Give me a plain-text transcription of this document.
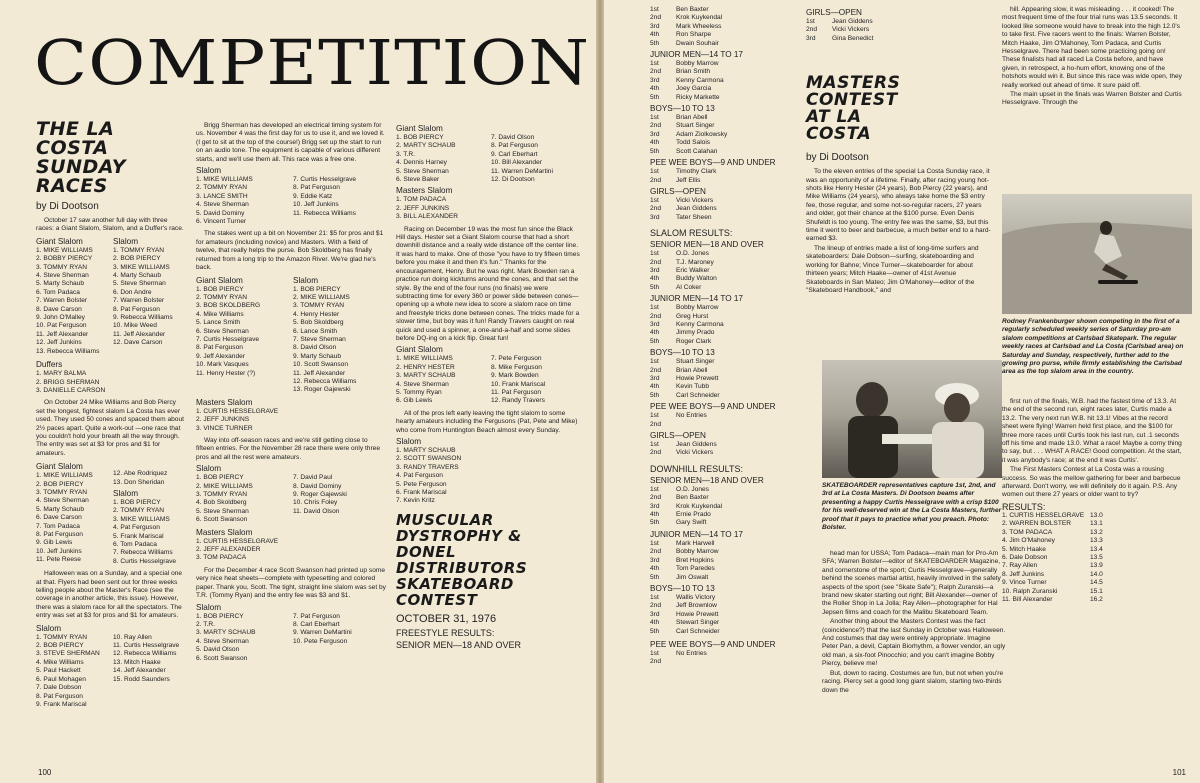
COMPETITION
THE LA COSTA SUNDAY RACES
by Di Dootson
October 17 saw another full day with three races: a Giant Slalom, Slalom, and a Duffer's race.
Giant Slalom
1. MIKE WILLIAMS
2. BOBBY PIERCY
3. TOMMY RYAN
4. Steve Sherman
5. Marty Schaub
6. Tom Padaca
7. Warren Bolster
8. Dave Carson
9. John O'Malley
10. Pat Ferguson
11. Jeff Alexander
12. Jeff Junkins
13. Rebecca Williams
Slalom
1. TOMMY RYAN
2. BOB PIERCY
3. MIKE WILLIAMS
4. Marty Schaub
5. Steve Sherman
6. Don Andre
7. Warren Bolster
8. Pat Ferguson
9. Rebecca Williams
10. Mike Weed
11. Jeff Alexander
12. Dave Carson
Duffers
1. MARY BALMA
2. BRIGG SHERMAN
3. DANIELLE CARSON
On October 24 Mike Williams and Bob Piercy set the longest, fightest slalom La Costa has ever used. They used 50 cones and spaced them about 2½ paces apart. Quite a work-out —one race that you couldn't hold your breath all the way through. The entry was set at $3 for pros and $1 for amateurs.
Giant Slalom
1. MIKE WILLIAMS
2. BOB PIERCY
3. TOMMY RYAN
4. Steve Sherman
5. Marty Schaub
6. Dave Carson
7. Tom Padaca
8. Pat Ferguson
9. Gib Lewis
10. Jeff Junkins
11. Pete Reese
12. Abe Rodriquez
13. Don Sheridan
Slalom
1. BOB PIERCY
2. TOMMY RYAN
3. MIKE WILLIAMS
4. Pat Ferguson
5. Frank Mariscal
6. Tom Padaca
7. Rebecca Williams
8. Curtis Hesselgrave
Halloween was on a Sunday, and a special one at that. Flyers had been sent out for three weeks telling people about the Master's Race (see the coverage in another article, this issue). However, there was a slalom race for all the spectators. The entry was set at $3 for pros and $1 for amateurs.
Slalom
1. TOMMY RYAN
2. BOB PIERCY
3. STEVE SHERMAN
4. Mike Williams
5. Paul Hackett
6. Paul Mohagen
7. Dale Dobson
8. Pat Ferguson
9. Frank Mariscal
10. Ray Allen
11. Curtis Hesselgrave
12. Rebecca Williams
13. Mitch Haake
14. Jeff Alexander
15. Rodd Saunders
Brigg Sherman has developed an electrical timing system for us. November 4 was the first day for us to use it, and we loved it. (I get to sit at the top of the course!) Brigg set up the start to run on an audio tone. The equipment is capable of various different starts, and we'll use them all. This race was a free one.
Slalom
1. MIKE WILLIAMS
2. TOMMY RYAN
3. LANCE SMITH
4. Steve Sherman
5. David Dominy
6. Vincent Turner
7. Curtis Hesselgrave
8. Pat Ferguson
9. Eddie Katz
10. Jeff Junkins
11. Rebecca Williams
The stakes went up a bit on November 21: $5 for pros and $1 for amateurs (including novice) and Masters. With a field of twelve, that really helps the purse. Bob Skoldberg has finally returned from a long trip to the Amazon River. We're glad he's back.
Giant Slalom
1. BOB PIERCY
2. TOMMY RYAN
3. BOB SKOLDBERG
4. Mike Williams
5. Lance Smith
6. Steve Sherman
7. Curtis Hesselgrave
8. Pat Ferguson
9. Jeff Alexander
10. Mark Vasques
11. Henry Hester (?)
Slalom
1. BOB PIERCY
2. MIKE WILLIAMS
3. TOMMY RYAN
4. Henry Hester
5. Bob Skoldberg
6. Lance Smith
7. Steve Sherman
8. David Olson
9. Marty Schaub
10. Scott Swanson
11. Jeff Alexander
12. Rebecca Williams
13. Roger Gajewski
Masters Slalom
1. CURTIS HESSELGRAVE
2. JEFF JUNKINS
3. VINCE TURNER
Way into off-season races and we're still getting close to fifteen entries. For the November 28 race there were only three pros and all the rest were amateurs.
Slalom
1. BOB PIERCY
2. MIKE WILLIAMS
3. TOMMY RYAN
4. Bob Skoldberg
5. Steve Sherman
6. Scott Swanson
7. David Paul
8. David Dominy
9. Roger Gajewski
10. Chris Foley
11. David Olson
Masters Slalom
1. CURTIS HESSELGRAVE
2. JEFF ALEXANDER
3. TOM PADACA
For the December 4 race Scott Swanson had printed up some very nice heat sheets—complete with typesetting and colored paper. Thank you, Scott. The tight, straight line slalom was set by T.R. (Tommy Ryan) and the entry fee was $3 and $1.
Slalom
1. BOB PIERCY
2. T.R.
3. MARTY SCHAUB
4. Steve Sherman
5. David Olson
6. Scott Swanson
7. Pat Ferguson
8. Carl Eberhart
9. Warren DeMartini
10. Pete Ferguson
Giant Slalom
1. BOB PIERCY
2. MARTY SCHAUB
3. T.R.
4. Dennis Harney
5. Steve Sherman
6. Steve Baker
7. David Olson
8. Pat Ferguson
9. Carl Eberhart
10. Bill Alexander
11. Warren DeMartini
12. Di Dootson
Masters Slalom
1. TOM PADACA
2. JEFF JUNKINS
3. BILL ALEXANDER
Racing on December 19 was the most fun since the Black Hill days. Hester set a Giant Slalom course that had a short downhill distance and a really wide distance off the center line. It was hard to make. One of those "you have to try fifteen times before you make it and then it's fun." Thanks for the encouragement, Henry. But he was right. Mark Bowden ran a practice run doing kickturns around the cones, and that set the style. By the end of the four runs (no finals) we were subtracting time for every 360 or power slide between cones—opening up a whole new idea to score a slalom race on time and freestyle tricks done between cones. The tricks made for a slower time, but boy was it fun! Randy Travers caught on real quick and used a spinner, a one-and-a-half and some slides before DQ-ing on a kick flip. Great fun!
Giant Slalom
1. MIKE WILLIAMS
2. HENRY HESTER
3. MARTY SCHAUB
4. Steve Sherman
5. Tommy Ryan
6. Gib Lewis
7. Pete Ferguson
8. Mike Ferguson
9. Mark Bowden
10. Frank Mariscal
11. Pat Ferguson
12. Randy Travers
All of the pros left early leaving the tight slalom to some hearty amateurs including the Fergusons (Pat, Pete and Mike) who come from Huntington Beach almost every Sunday.
Slalom
1. MARTY SCHAUB
2. SCOTT SWANSON
3. RANDY TRAVERS
4. Pat Ferguson
5. Pete Ferguson
6. Frank Mariscal
7. Kevin Kritz
MUSCULAR DYSTROPHY & DONEL DISTRIBUTORS SKATEBOARD CONTEST
OCTOBER 31, 1976
FREESTYLE RESULTS:
SENIOR MEN—18 AND OVER
100
1st	Ben Baxter
2nd	Krok Kuykendal
3rd	Mark Wheeless
4th	Ron Sharpe
5th	Dwain Souhair
JUNIOR MEN—14 TO 17
1st	Bobby Marrow
2nd	Brian Smith
3rd	Kenny Carmona
4th	Joey Garcia
5th	Ricky Markette
BOYS—10 TO 13
1st	Brian Abell
2nd	Stuart Singer
3rd	Adam Ziolkowsky
4th	Todd Salois
5th	Scott Calahan
PEE WEE BOYS—9 AND UNDER
1st	Timothy Clark
2nd	Jeff Ellis
GIRLS—OPEN
1st	Vicki Vickers
2nd	Jean Giddens
3rd	Tater Sheen
SLALOM RESULTS:
SENIOR MEN—18 AND OVER
1st	O.D. Jones
2nd	T.J. Maroney
3rd	Eric Walker
4th	Buddy Walton
5th	Al Coker
JUNIOR MEN—14 TO 17
1st	Bobby Marrow
2nd	Greg Hurst
3rd	Kenny Carmona
4th	Jimmy Prado
5th	Roger Clark
BOYS—10 TO 13
1st	Stuart Singer
2nd	Brian Abell
3rd	Howie Prewett
4th	Kevin Tubb
5th	Carl Schneider
PEE WEE BOYS—9 AND UNDER
1st	No Entries
2nd
GIRLS—OPEN
1st	Jean Giddens
2nd	Vicki Vickers
DOWNHILL RESULTS:
SENIOR MEN—18 AND OVER
1st	O.D. Jones
2nd	Ben Baxter
3rd	Krok Kuykendal
4th	Ernie Prado
5th	Gary Swift
JUNIOR MEN—14 TO 17
1st	Mark Harwell
2nd	Bobby Marrow
3rd	Bret Hopkins
4th	Tom Paredes
5th	Jim Oswalt
BOYS—10 TO 13
1st	Wallis Victory
2nd	Jeff Brownlow
3rd	Howie Prewett
4th	Stewart Singer
5th	Carl Schneider
PEE WEE BOYS—9 AND UNDER
1st	No Entries
2nd
GIRLS—OPEN
1st	Jean Giddens
2nd	Vicki Vickers
3rd	Gina Benedict
MASTERS CONTEST AT LA COSTA
by Di Dootson
To the eleven entries of the special La Costa Sunday race, it was an opportunity of a lifetime. Finally, after racing young hot-shots like Henry Hester (24 years), Bob Piercy (22 years), and Mike Williams (24 years), who always take home the $3 entry fee, those regular, and some not-so-regular racers, 27 years and older, got their chance at the $100 purse. Even Denis Shufeldt is too young. The entry fee was the same, $3, but this time it went to beer and barbecue, a much better end to a hard-earned $3.
The lineup of entries made a list of long-time surfers and skateboarders: Dale Dobson—surfing, skateboarding and working for Bahne; Vince Turner—skateboarder for about thirteen years; Mitch Haake—owner of 41st Avenue Skateboards in San Mateo; Jim O'Mahoney—editor of the "Skateboard Handbook," and
SKATEBOARDER representatives capture 1st, 2nd, and 3rd at La Costa Masters. Di Dootson beams after presenting a happy Curtis Hesselgrave with a crisp $100 for his well-deserved win at the La Costa Masters, further proof that it pays to practice what you preach. Photo: Bolster.
head man for USSA; Tom Padaca—main man for Pro-Am SFA; Warren Bolster—editor of SKATEBOARDER Magazine, and cornerstone of the sport; Curtis Hesselgrave—generally behind the scenes martial artist, heavily involved in the safety aspects of the sport (see "Skate Safe"); Ralph Zuranski—a brand new skater starting out right; Bill Alexander—owner of the Roller Shop in La Jolla; Ray Allen—photographer for Hal Jepsen films and coach for the Malibu Skateboard Team.
Another thing about the Masters Contest was the fact (coincidence?) that the last Sunday in October was Halloween. And costumes that day were entirely appropriate. Imagine Peter Pan, a devil, Captain Biorhythm, a flower vendor, an ugly old man, a six-foot Pinocchio; and you can't imagine Bobby Piercy, believe me!
But, down to racing. Costumes are fun, but not when you're racing. Piercy set a good long giant slalom, starting two-thirds down the
hill. Appearing slow, it was misleading . . . it cooked! The most frequent time of the four trial runs was 13.5 seconds. It looked like someone would have to break into the high 12.0's to take first. Five racers went to the finals: Warren Bolster, Mitch Haake, Jim O'Mahoney, Tom Padaca, and Curtis Hesselgrave. There had been some practicing going on! These finalists had all raced La Costa before, and have given, in retrospect, a ho-hum effort, knowing one of the hotshots would win it. But since this race was wide open, they really worked out ahead of time. It sure paid off.
The main upset in the finals was Warren Bolster and Curtis Hesselgrave. Through the
Rodney Frankenburger shown competing in the first of a regularly scheduled weekly series of Saturday pro-am slalom competitions at Carlsbad Skatepark. The regular weekly races at Carlsbad and La Costa (Carlsbad area) on Saturday and Sunday, respectively, further add to the growing pro purse, while firmly establishing the Carlsbad area as the top slalom area in the country.
first run of the finals, W.B. had the fastest time of 13.3. At the end of the second run, eight races later, Curtis made a 13.2. The very next run W.B. hit 13.1! Vibes at the record sheet were flying! Warren held first place, and the $100 for three more races until Curtis took his last run, cut .1 seconds off his time and made 13.0. What a race! Maybe a corny thing to say, but . . . WHAT A RACE! Good competition. At the start, it was anybody's race; at the end it was Curtis'.
The First Masters Contest at La Costa was a rousing success. So was the mellow gathering for beer and barbecue afterward. Don't worry, we will definitely do it again. P.S. Any women out there 27 years or older want to try?
RESULTS:
1. CURTIS HESSELGRAVE 13.0
2. WARREN BOLSTER	13.1
3. TOM PADACA	13.2
4. Jim O'Mahoney	13.3
5. Mitch Haake	13.4
6. Dale Dobson	13.5
7. Ray Allen	13.9
8. Jeff Junkins	14.0
9. Vince Turner	14.5
10. Ralph Zuranski	15.1
11. Bill Alexander	16.2
101
